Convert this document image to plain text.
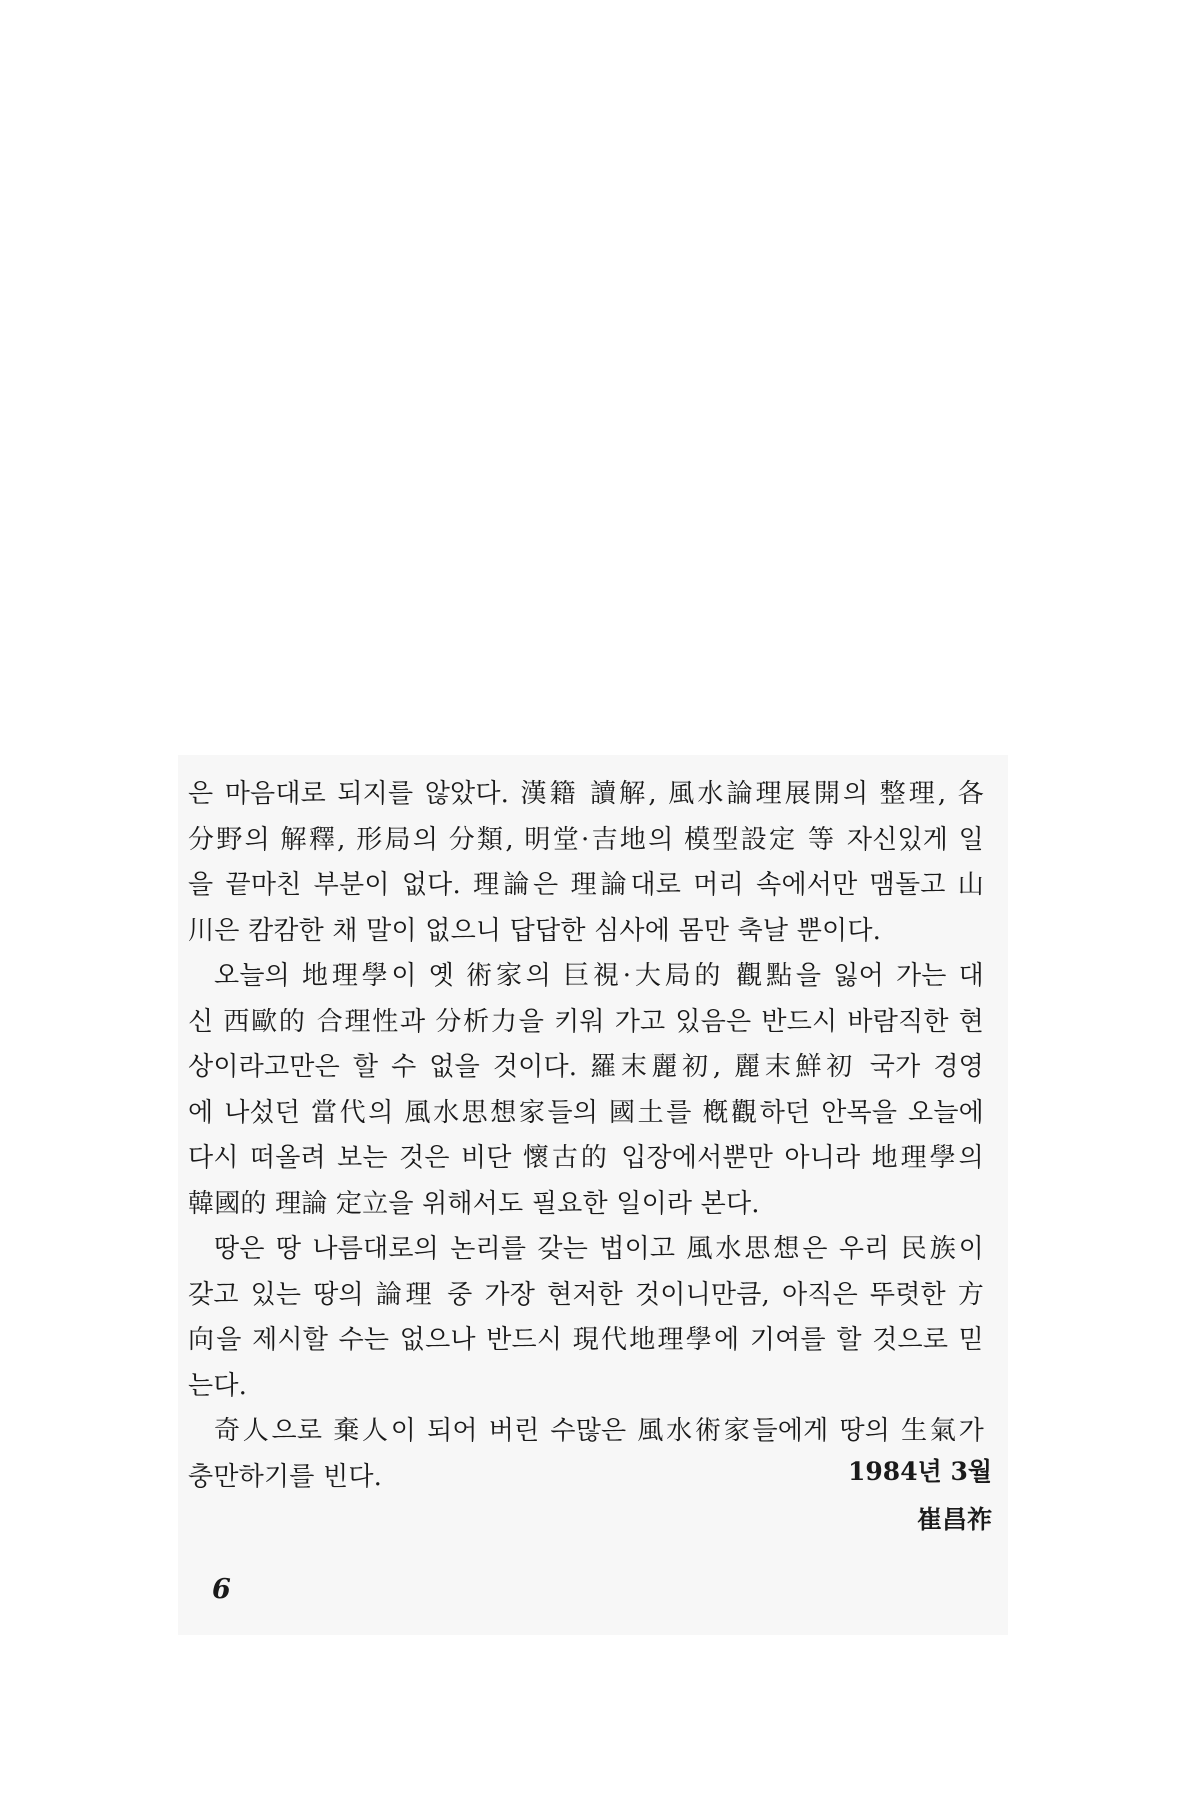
은 마음대로 되지를 않았다. 漢籍 讀解, 風水論理展開의 整理, 各
分野의 解釋, 形局의 分類, 明堂·吉地의 模型設定 等 자신있게 일
을 끝마친 부분이 없다. 理論은 理論대로 머리 속에서만 맴돌고 山
川은 캄캄한 채 말이 없으니 답답한 심사에 몸만 축날 뿐이다.
오늘의 地理學이 옛 術家의 巨視·大局的 觀點을 잃어 가는 대
신 西歐的 合理性과 分析力을 키워 가고 있음은 반드시 바람직한 현
상이라고만은 할 수 없을 것이다. 羅末麗初, 麗末鮮初 국가 경영
에 나섰던 當代의 風水思想家들의 國土를 槪觀하던 안목을 오늘에
다시 떠올려 보는 것은 비단 懷古的 입장에서뿐만 아니라 地理學의
韓國的 理論 定立을 위해서도 필요한 일이라 본다.
땅은 땅 나름대로의 논리를 갖는 법이고 風水思想은 우리 民族이
갖고 있는 땅의 論理 중 가장 현저한 것이니만큼, 아직은 뚜렷한 方
向을 제시할 수는 없으나 반드시 現代地理學에 기여를 할 것으로 믿
는다.
奇人으로 棄人이 되어 버린 수많은 風水術家들에게 땅의 生氣가
충만하기를 빈다.	1984년 3월
崔昌祚
6
